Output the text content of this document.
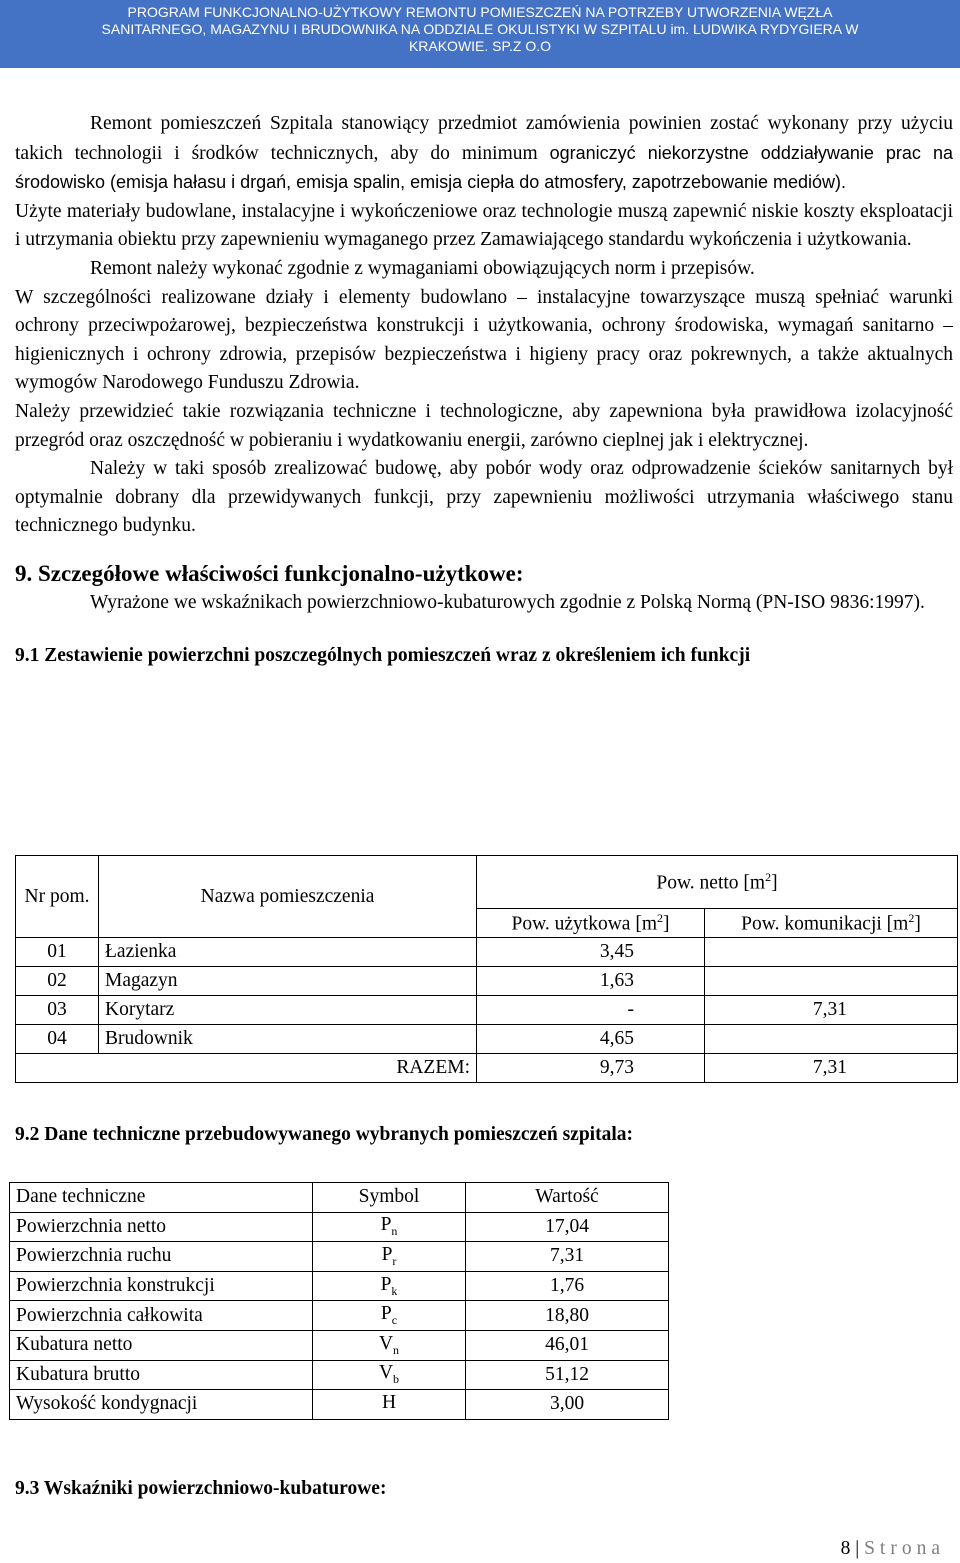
PROGRAM FUNKCJONALNO-UŻYTKOWY REMONTU POMIESZCZEŃ NA POTRZEBY UTWORZENIA WĘZŁA
SANITARNEGO, MAGAZYNU I BRUDOWNIKA NA ODDZIALE OKULISTYKI W SZPITALU im. LUDWIKA RYDYGIERA W
KRAKOWIE. SP.Z O.O

Remont pomieszczeń Szpitala stanowiący przedmiot zamówienia powinien zostać wykonany przy użyciu takich technologii i środków technicznych, aby do minimum ograniczyć niekorzystne oddziaływanie prac na środowisko (emisja hałasu i drgań, emisja spalin, emisja ciepła do atmosfery, zapotrzebowanie mediów).

Użyte materiały budowlane, instalacyjne i wykończeniowe oraz technologie muszą zapewnić niskie koszty eksploatacji i utrzymania obiektu przy zapewnieniu wymaganego przez Zamawiającego standardu wykończenia i użytkowania.

Remont należy wykonać zgodnie z wymaganiami obowiązujących norm i przepisów.

W szczególności realizowane działy i elementy budowlano – instalacyjne towarzyszące muszą spełniać warunki ochrony przeciwpożarowej, bezpieczeństwa konstrukcji i użytkowania, ochrony środowiska, wymagań sanitarno – higienicznych i ochrony zdrowia, przepisów bezpieczeństwa i higieny pracy oraz pokrewnych, a także aktualnych wymogów Narodowego Funduszu Zdrowia.

Należy przewidzieć takie rozwiązania techniczne i technologiczne, aby zapewniona była prawidłowa izolacyjność przegród oraz oszczędność w pobieraniu i wydatkowaniu energii, zarówno cieplnej jak i elektrycznej.

Należy w taki sposób zrealizować budowę, aby pobór wody oraz odprowadzenie ścieków sanitarnych był optymalnie dobrany dla przewidywanych funkcji, przy zapewnieniu możliwości utrzymania właściwego stanu technicznego budynku.

9. Szczegółowe właściwości funkcjonalno-użytkowe:

Wyrażone we wskaźnikach powierzchniowo-kubaturowych zgodnie z Polską Normą (PN-ISO 9836:1997).

9.1 Zestawienie powierzchni poszczególnych pomieszczeń wraz z określeniem ich funkcji

Nr pom.	Nazwa pomieszczenia	Pow. netto $[m^2]$	
		Pow. użytkowa $[m^2]$	Pow. komunikacji $[m^2]$
01	Łazienka	3,45	
02	Magazyn	1,63	
03	Korytarz	-	7,31
04	Brudownik	4,65	
RAZEM:		9,73	7,31
9.2 Dane techniczne przebudowywanego wybranych pomieszczeń szpitala:
Dane techniczne	Symbol	Wartość
Powierzchnia netto	$P_n$	17,04
Powierzchnia ruchu	$P_r$	7,31
Powierzchnia konstrukcji	$P_k$	1,76
Powierzchnia całkowita	$P_c$	18,80
Kubatura netto	$V_n$	46,01
Kubatura brutto	$V_b$	51,12
Wysokość kondygnacji	H	3,00
9.3 Wskaźniki powierzchniowo-kubaturowe:
8 | Strona
